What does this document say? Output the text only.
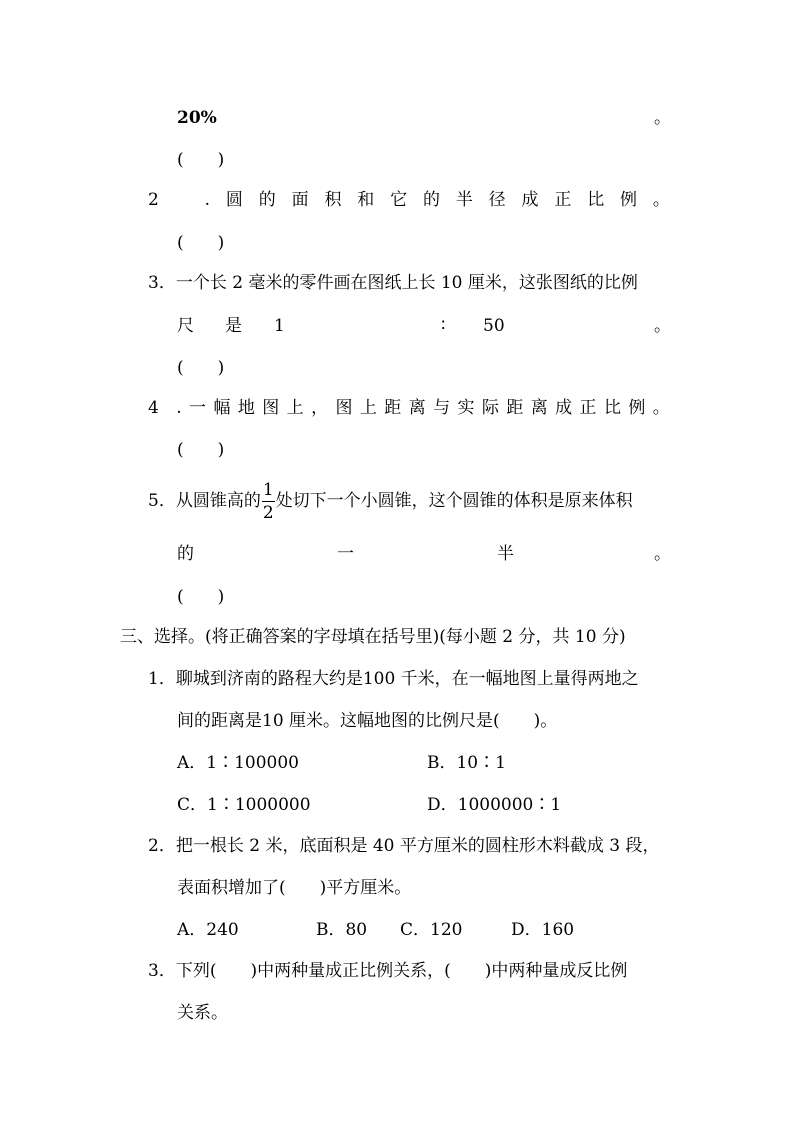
20%	。
(　　)
2	. 圆 的 面 积 和 它 的 半 径 成 正 比 例 。
(　　)
3．一个长 2 毫米的零件画在图纸上长 10 厘米，这张图纸的比例
尺 是 1	∶ 50	。
(　　)
4 . 一 幅 地 图 上 ， 图 上 距 离 与 实 际 距 离 成 正 比 例 。
(　　)
5．从圆锥高的 $\frac{1}{2}$ 处切下一个小圆锥，这个圆锥的体积是原来体积
的	一	半	。
(　　)
三、选择。(将正确答案的字母填在括号里)(每小题 2 分，共 10 分)
1．聊城到济南的路程大约是100 千米，在一幅地图上量得两地之
间的距离是10 厘米。这幅地图的比例尺是(　　)。
A．1∶100000	B．10∶1
C．1∶1000000	D．1000000∶1
2．把一根长 2 米，底面积是 40 平方厘米的圆柱形木料截成 3 段，
表面积增加了(　　)平方厘米。
A．240	B．80 C．120	D．160
3．下列(　　)中两种量成正比例关系，(　　)中两种量成反比例
关系。
